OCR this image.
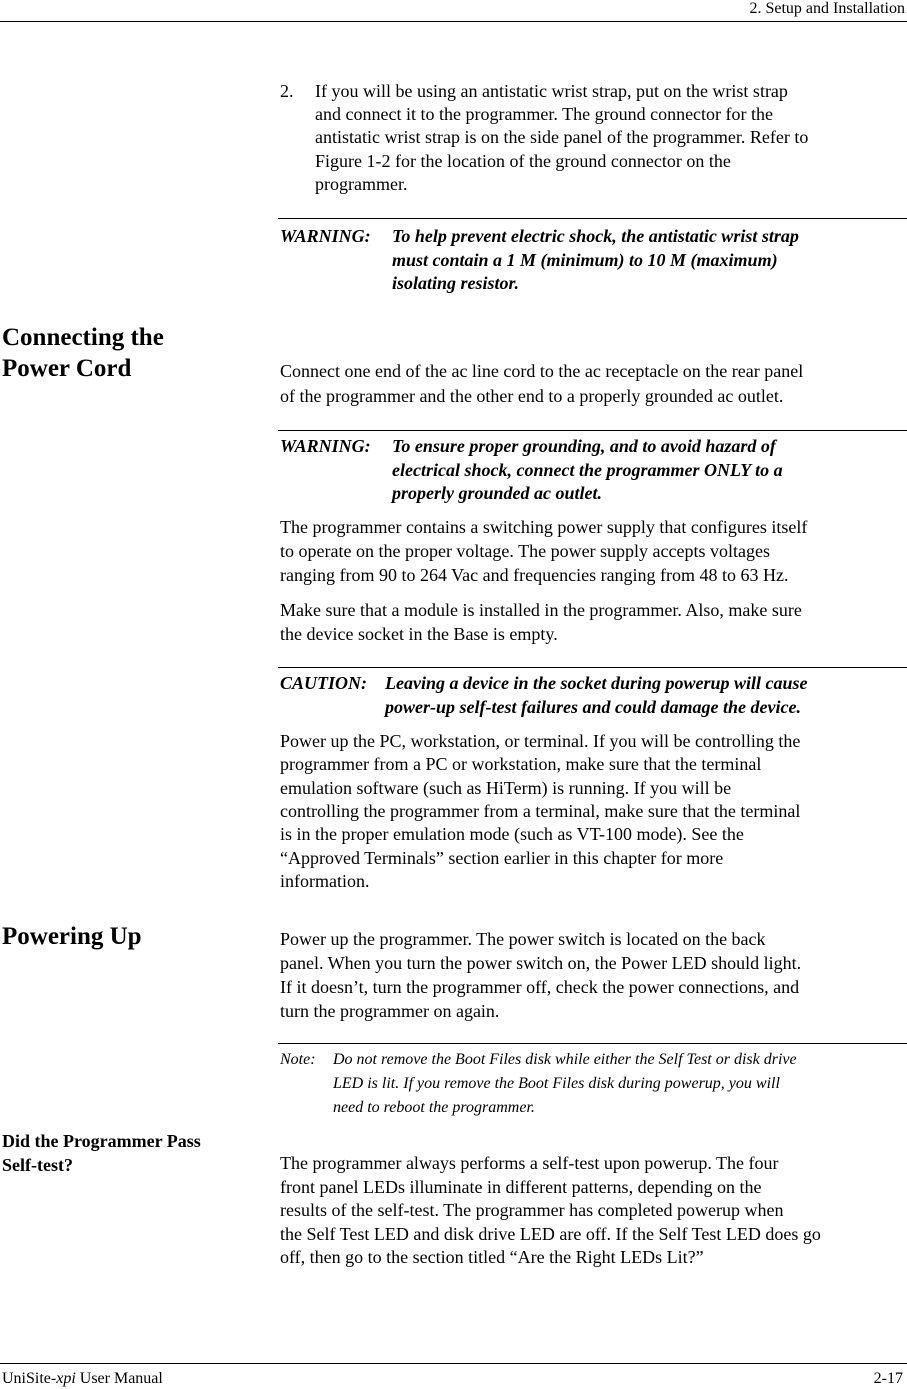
2. Setup and Installation
2. If you will be using an antistatic wrist strap, put on the wrist strap
and connect it to the programmer. The ground connector for the
antistatic wrist strap is on the side panel of the programmer. Refer to
Figure 1-2 for the location of the ground connector on the
programmer.
WARNING: To help prevent electric shock, the antistatic wrist strap
must contain a 1 M (minimum) to 10 M (maximum)
isolating resistor.
Connecting the
Power Cord	Connect one end of the ac line cord to the ac receptacle on the rear panel
of the programmer and the other end to a properly grounded ac outlet.
WARNING: To ensure proper grounding, and to avoid hazard of
electrical shock, connect the programmer ONLY to a
properly grounded ac outlet.
The programmer contains a switching power supply that configures itself
to operate on the proper voltage. The power supply accepts voltages
ranging from 90 to 264 Vac and frequencies ranging from 48 to 63 Hz.
Make sure that a module is installed in the programmer. Also, make sure
the device socket in the Base is empty.
CAUTION: Leaving a device in the socket during powerup will cause
power-up self-test failures and could damage the device.
Power up the PC, workstation, or terminal. If you will be controlling the
programmer from a PC or workstation, make sure that the terminal
emulation software (such as HiTerm) is running. If you will be
controlling the programmer from a terminal, make sure that the terminal
is in the proper emulation mode (such as VT-100 mode). See the
“Approved Terminals” section earlier in this chapter for more
information.
Powering Up	Power up the programmer. The power switch is located on the back
panel. When you turn the power switch on, the Power LED should light.
If it doesn’t, turn the programmer off, check the power connections, and
turn the programmer on again.
Note: Do not remove the Boot Files disk while either the Self Test or disk drive
LED is lit. If you remove the Boot Files disk during powerup, you will
need to reboot the programmer.
Did the Programmer Pass
Self-test?	The programmer always performs a self-test upon powerup. The four
front panel LEDs illuminate in different patterns, depending on the
results of the self-test. The programmer has completed powerup when
the Self Test LED and disk drive LED are off. If the Self Test LED does go
off, then go to the section titled “Are the Right LEDs Lit?”
UniSite-xpi User Manual	2-17
